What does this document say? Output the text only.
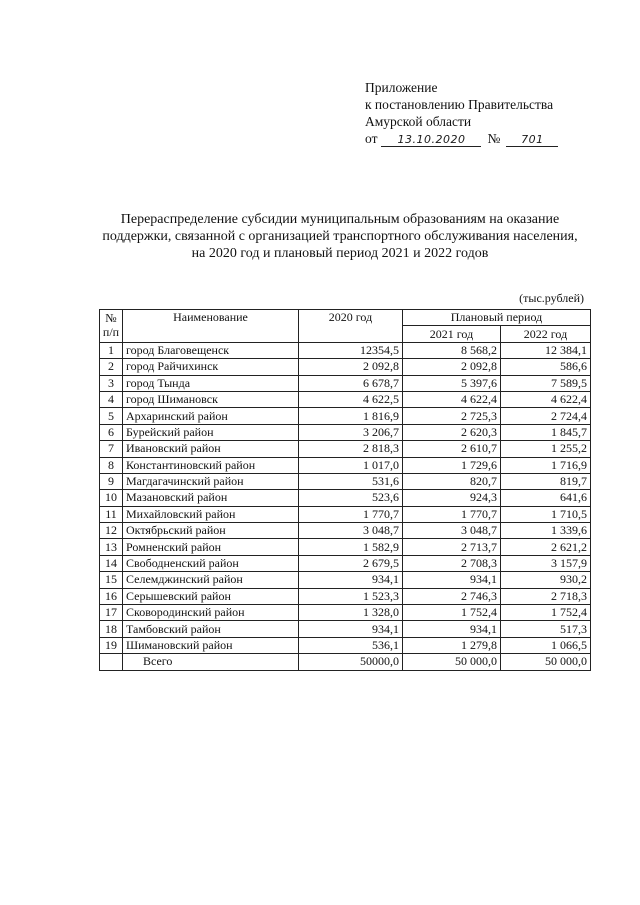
Приложение
к постановлению Правительства
Амурской области
от 13.10.2020 № 701
Перераспределение субсидии муниципальным образованиям на оказание поддержки, связанной с организацией транспортного обслуживания населения, на 2020 год и плановый период 2021 и 2022 годов
(тыс.рублей)
№
п/п	Наименование	2020 год	Плановый период	
			2021 год	2022 год
1	город Благовещенск	12354,5	8 568,2	12 384,1
2	город Райчихинск	2 092,8	2 092,8	586,6
3	город Тында	6 678,7	5 397,6	7 589,5
4	город Шимановск	4 622,5	4 622,4	4 622,4
5	Архаринский район	1 816,9	2 725,3	2 724,4
6	Бурейский район	3 206,7	2 620,3	1 845,7
7	Ивановский район	2 818,3	2 610,7	1 255,2
8	Константиновский район	1 017,0	1 729,6	1 716,9
9	Магдагачинский район	531,6	820,7	819,7
10	Мазановский район	523,6	924,3	641,6
11	Михайловский район	1 770,7	1 770,7	1 710,5
12	Октябрьский район	3 048,7	3 048,7	1 339,6
13	Ромненский район	1 582,9	2 713,7	2 621,2
14	Свободненский район	2 679,5	2 708,3	3 157,9
15	Селемджинский район	934,1	934,1	930,2
16	Серышевский район	1 523,3	2 746,3	2 718,3
17	Сковородинский район	1 328,0	1 752,4	1 752,4
18	Тамбовский район	934,1	934,1	517,3
19	Шимановский район	536,1	1 279,8	1 066,5
	Всего	50000,0	50 000,0	50 000,0
